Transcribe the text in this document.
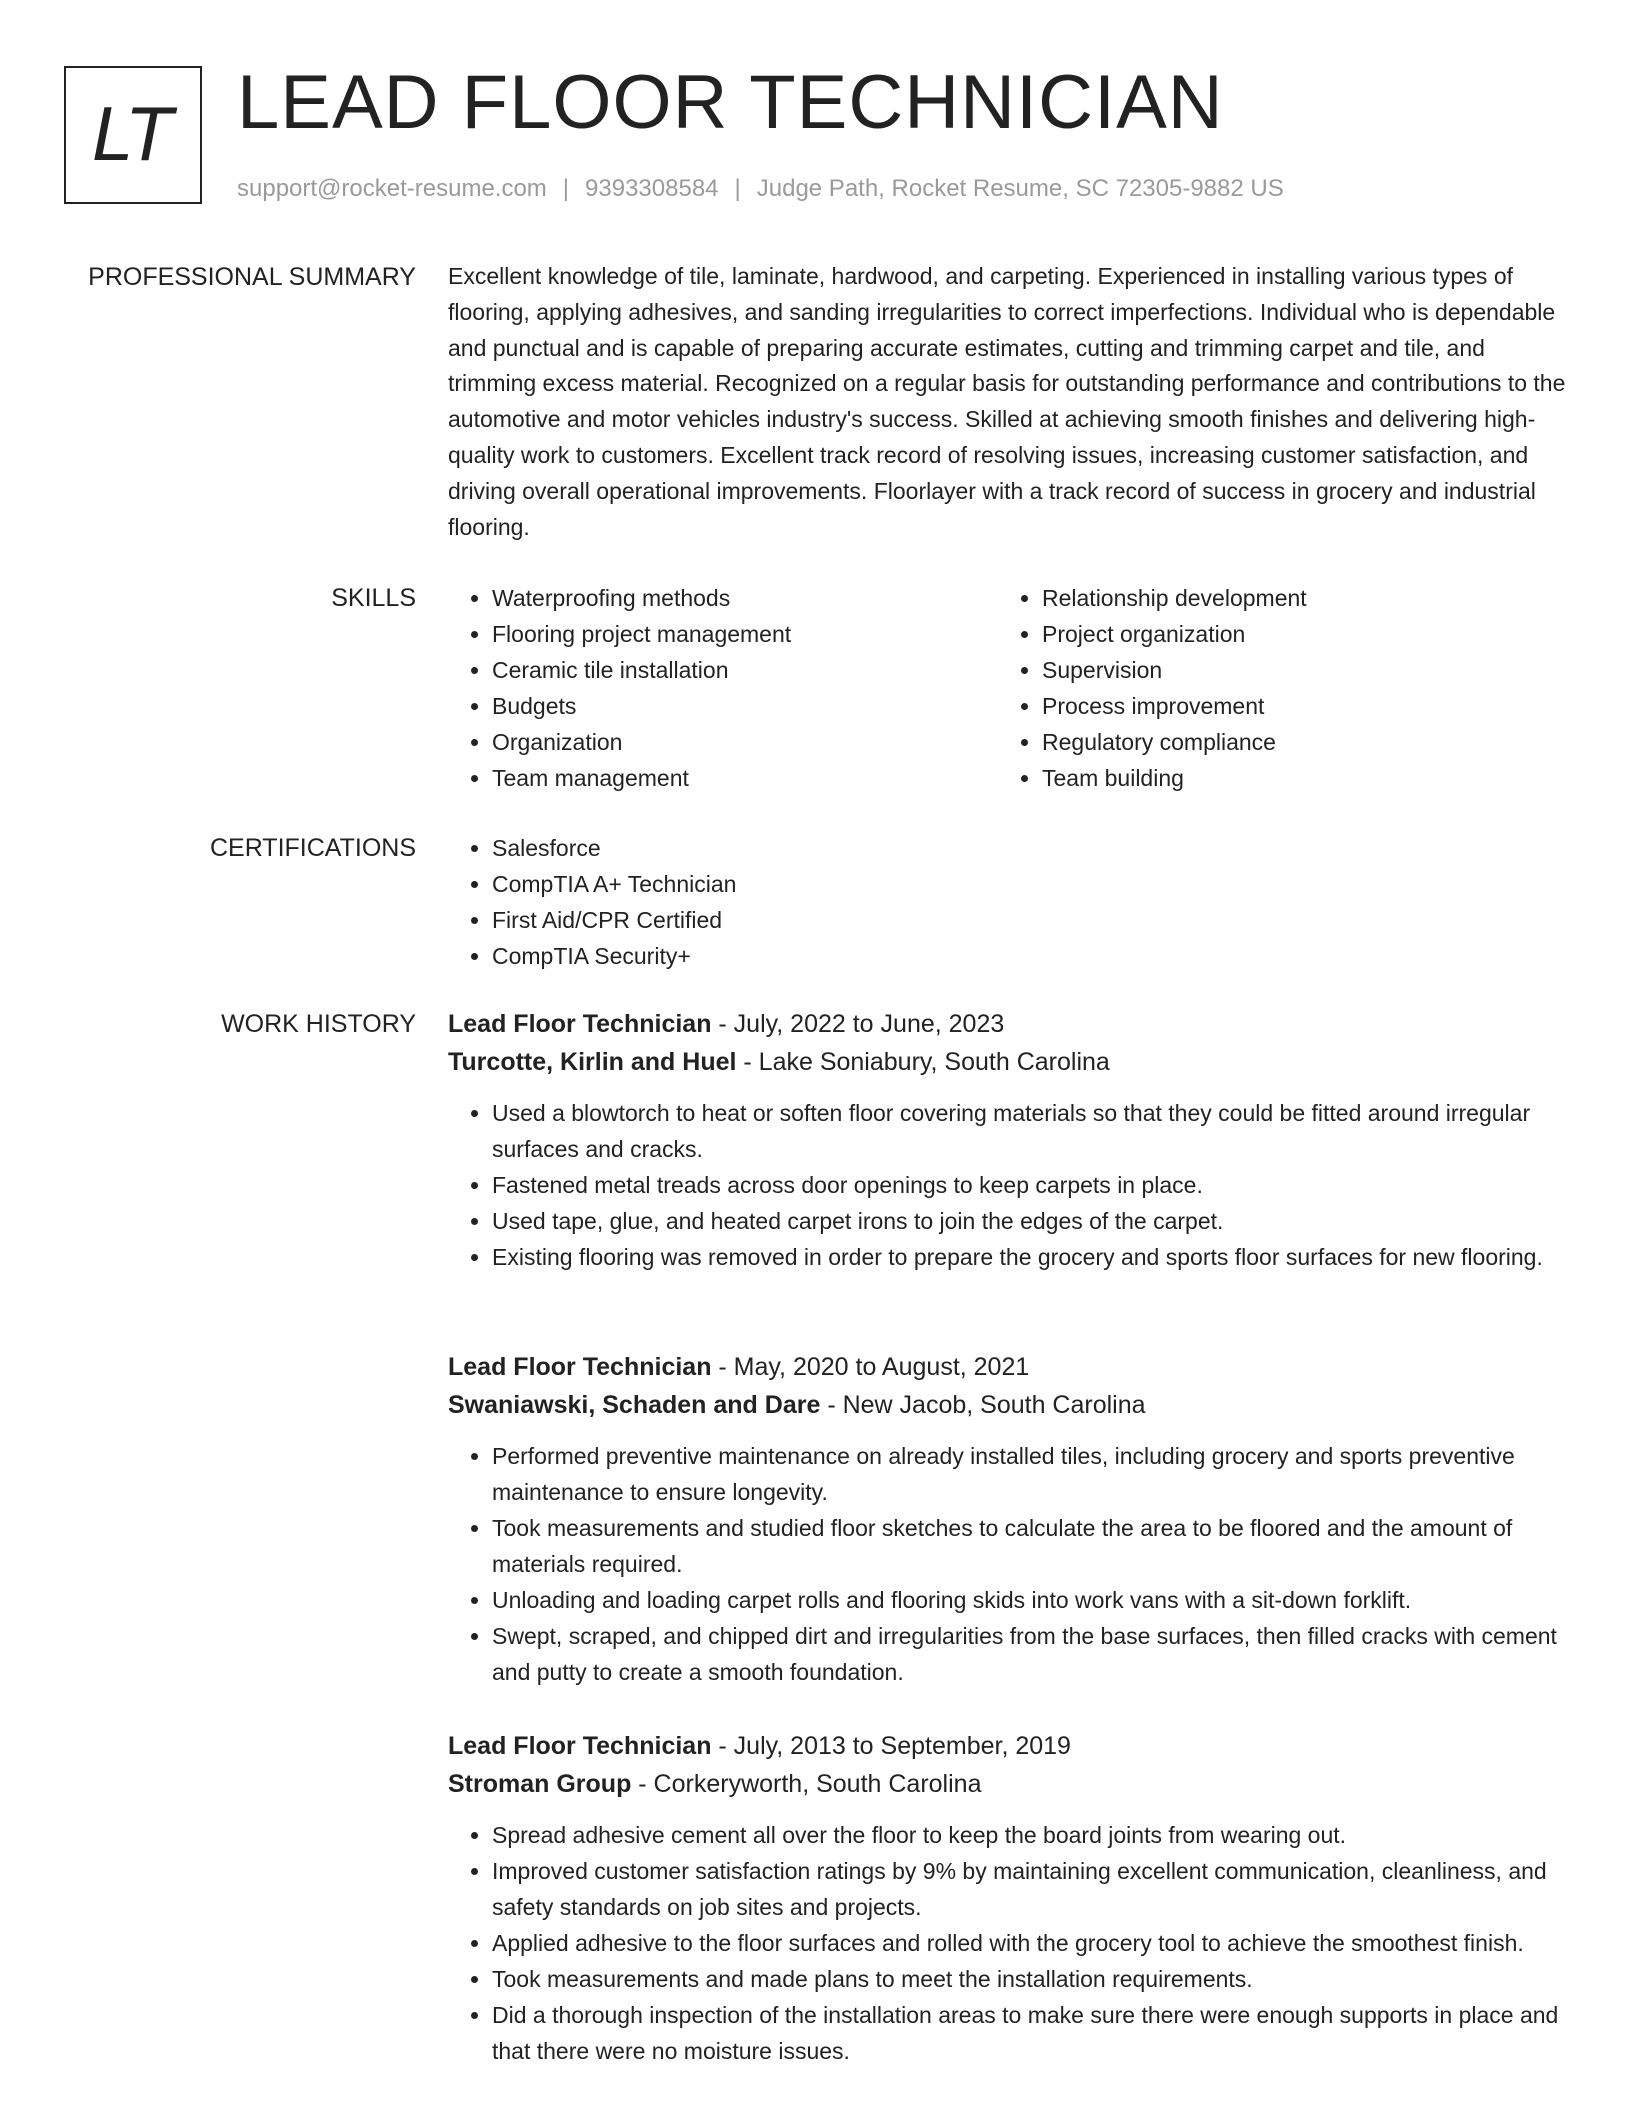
LT LEAD FLOOR TECHNICIAN
support@rocket-resume.com | 9393308584 | Judge Path, Rocket Resume, SC 72305-9882 US
PROFESSIONAL SUMMARY Excellent knowledge of tile, laminate, hardwood, and carpeting. Experienced in installing various types of flooring, applying adhesives, and sanding irregularities to correct imperfections. Individual who is dependable and punctual and is capable of preparing accurate estimates, cutting and trimming carpet and tile, and trimming excess material. Recognized on a regular basis for outstanding performance and contributions to the automotive and motor vehicles industry's success. Skilled at achieving smooth finishes and delivering high-quality work to customers. Excellent track record of resolving issues, increasing customer satisfaction, and driving overall operational improvements. Floorlayer with a track record of success in grocery and industrial flooring.

SKILLS	• Waterproofing methods
• Flooring project management
• Ceramic tile installation
• Budgets
• Organization
• Team management
• Relationship development
• Project organization
• Supervision
• Process improvement
• Regulatory compliance
• Team building
CERTIFICATIONS	• Salesforce
• CompTIA A+ Technician
• First Aid/CPR Certified
• CompTIA Security+
WORK HISTORY Lead Floor Technician - July, 2022 to June, 2023
Turcotte, Kirlin and Huel - Lake Soniabury, South Carolina
• Used a blowtorch to heat or soften floor covering materials so that they could be fitted around irregular surfaces and cracks.
• Fastened metal treads across door openings to keep carpets in place.
• Used tape, glue, and heated carpet irons to join the edges of the carpet.
• Existing flooring was removed in order to prepare the grocery and sports floor surfaces for new flooring.
Lead Floor Technician - May, 2020 to August, 2021
Swaniawski, Schaden and Dare - New Jacob, South Carolina
• Performed preventive maintenance on already installed tiles, including grocery and sports preventive maintenance to ensure longevity.
• Took measurements and studied floor sketches to calculate the area to be floored and the amount of materials required.
• Unloading and loading carpet rolls and flooring skids into work vans with a sit-down forklift.
• Swept, scraped, and chipped dirt and irregularities from the base surfaces, then filled cracks with cement and putty to create a smooth foundation.
Lead Floor Technician - July, 2013 to September, 2019
Stroman Group - Corkeryworth, South Carolina
• Spread adhesive cement all over the floor to keep the board joints from wearing out.
• Improved customer satisfaction ratings by 9% by maintaining excellent communication, cleanliness, and safety standards on job sites and projects.
• Applied adhesive to the floor surfaces and rolled with the grocery tool to achieve the smoothest finish.
• Took measurements and made plans to meet the installation requirements.
• Did a thorough inspection of the installation areas to make sure there were enough supports in place and that there were no moisture issues.
